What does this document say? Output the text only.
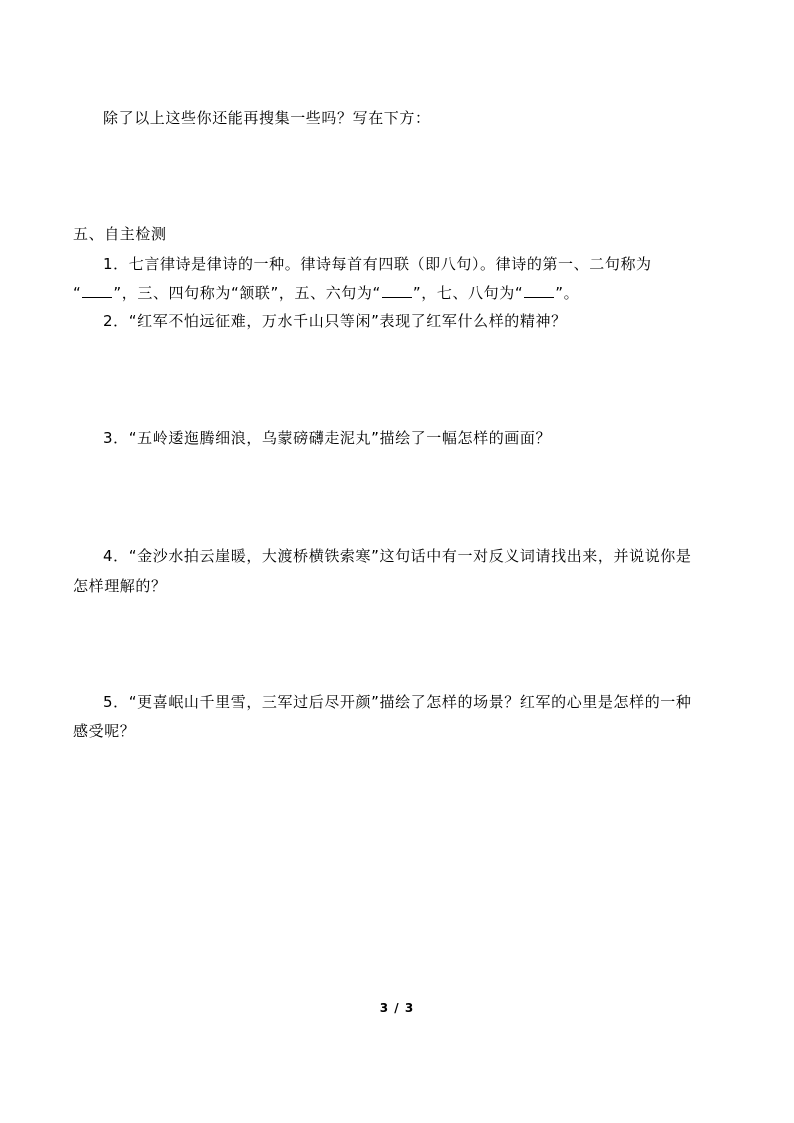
除了以上这些你还能再搜集一些吗？写在下方：
五、自主检测
1．七言律诗是律诗的一种。律诗每首有四联（即八句）。律诗的第一、二句称为
“ ”，三、四句称为“颔联”，五、六句为“ ”，七、八句为“ ”。
2．“红军不怕远征难，万水千山只等闲”表现了红军什么样的精神？
3．“五岭逶迤腾细浪，乌蒙磅礴走泥丸”描绘了一幅怎样的画面？
4．“金沙水拍云崖暖，大渡桥横铁索寒”这句话中有一对反义词请找出来，并说说你是
怎样理解的？
5．“更喜岷山千里雪，三军过后尽开颜”描绘了怎样的场景？红军的心里是怎样的一种
感受呢？
3 / 3
